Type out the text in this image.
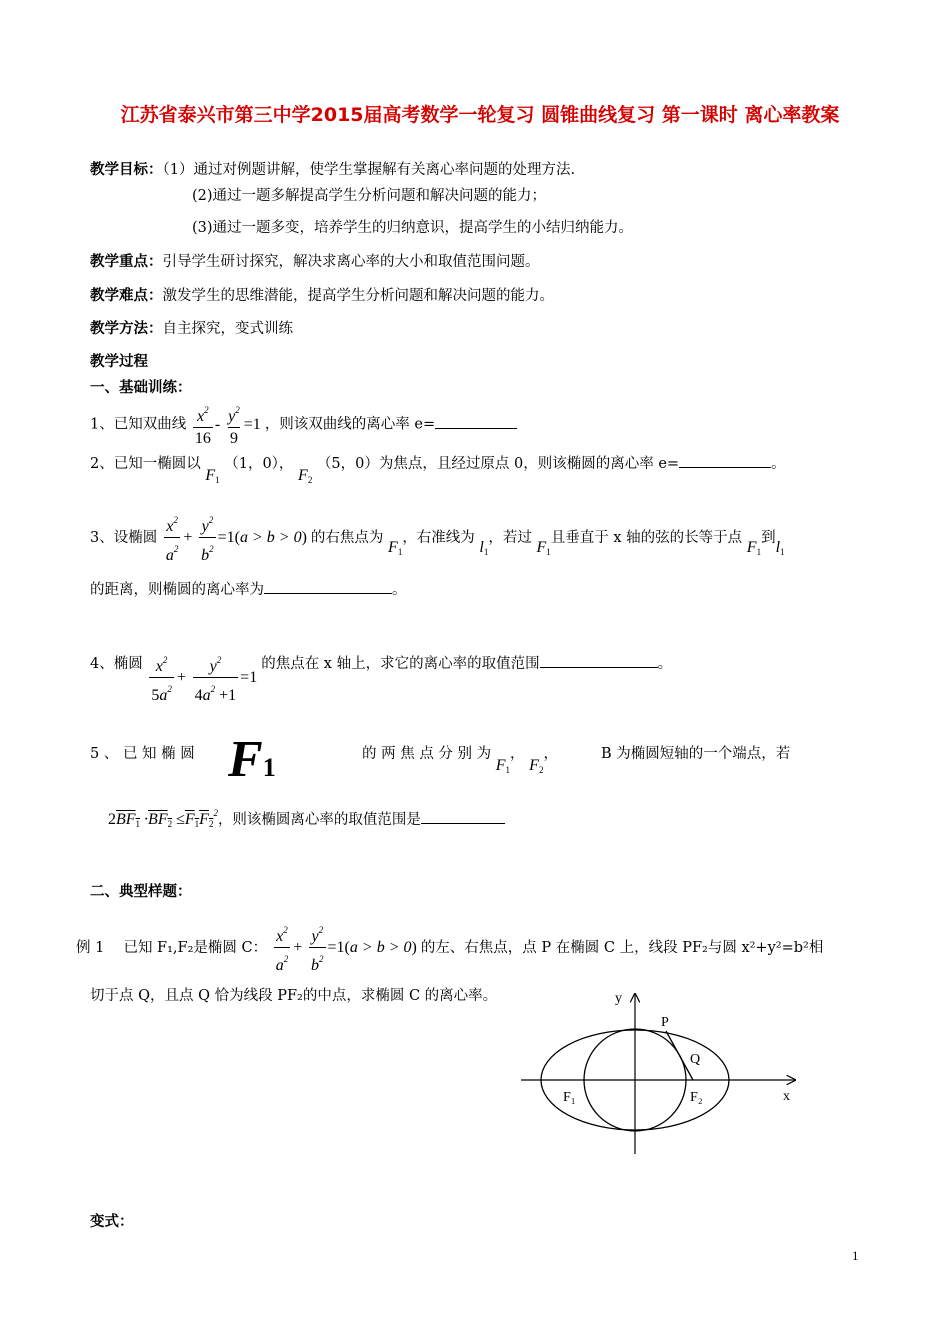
江苏省泰兴市第三中学2015届高考数学一轮复习 圆锥曲线复习 第一课时 离心率教案
教学目标：（1）通过对例题讲解，使学生掌握解有关离心率问题的处理方法.
(2)通过一题多解提高学生分析问题和解决问题的能力；
(3)通过一题多变，培养学生的归纳意识，提高学生的小结归纳能力。
教学重点：引导学生研讨探究，解决求离心率的大小和取值范围问题。
教学难点：激发学生的思维潜能，提高学生分析问题和解决问题的能力。
教学方法：自主探究，变式训练
教学过程
一、基础训练：
1、已知双曲线 $\frac{x^2}{16} - \frac{y^2}{9} =1$ ，则该双曲线的离心率 e=
2、已知一椭圆以 $F_1$ （1，0）， $F_2$ （5，0）为焦点，且经过原点 0，则该椭圆的离心率 e=	。
3、设椭圆 $\frac{x^2}{a^2} + \frac{y^2}{b^2} =1(a > b > 0)$ 的右焦点为 $F_1$，右准线为 $l_1$，若过 $F_1$且垂直于 x 轴的弦的长等于点 $F_1$到$l_1$
的距离，则椭圆的离心率为	。
4、椭圆 $\frac{x^2}{5a^2} + \frac{y^2}{4a^2 +1} =1$ 的焦点在 x 轴上，求它的离心率的取值范围	。
5 、 已 知 椭 圆 F1	的 两 焦 点 分 别 为 $F_1$， $F_2$，	B 为椭圆短轴的一个端点，若
$2BF_1 \cdot BF_2 \le F_1F_2^2$，则该椭圆离心率的取值范围是
二、典型样题：
例 1　 已知 F₁,F₂是椭圆 C： $\frac{x^2}{a^2} + \frac{y^2}{b^2} =1(a > b > 0)$ 的左、右焦点，点 P 在椭圆 C 上，线段 PF₂与圆 x²+y²=b²相
切于点 Q，且点 Q 恰为线段 PF₂的中点，求椭圆 C 的离心率。
P
Q
F₁	F₂
y
x
变式：
1
